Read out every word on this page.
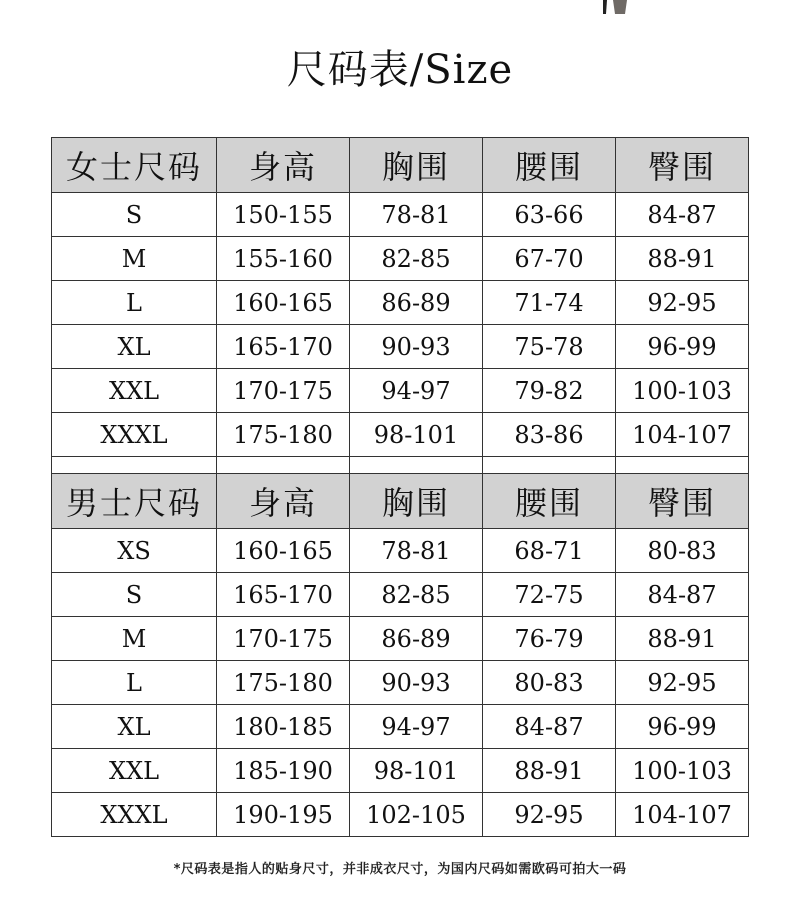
尺码表/Size
女士尺码	身高	胸围	腰围	臀围
S	150-155	78-81	63-66	84-87
M	155-160	82-85	67-70	88-91
L	160-165	86-89	71-74	92-95
XL	165-170	90-93	75-78	96-99
XXL	170-175	94-97	79-82	100-103
XXXL	175-180	98-101	83-86	104-107

男士尺码	身高	胸围	腰围	臀围
XS	160-165	78-81	68-71	80-83
S	165-170	82-85	72-75	84-87
M	170-175	86-89	76-79	88-91
L	175-180	90-93	80-83	92-95
XL	180-185	94-97	84-87	96-99
XXL	185-190	98-101	88-91	100-103
XXXL	190-195	102-105	92-95	104-107
*尺码表是指人的贴身尺寸，并非成衣尺寸，为国内尺码如需欧码可拍大一码
